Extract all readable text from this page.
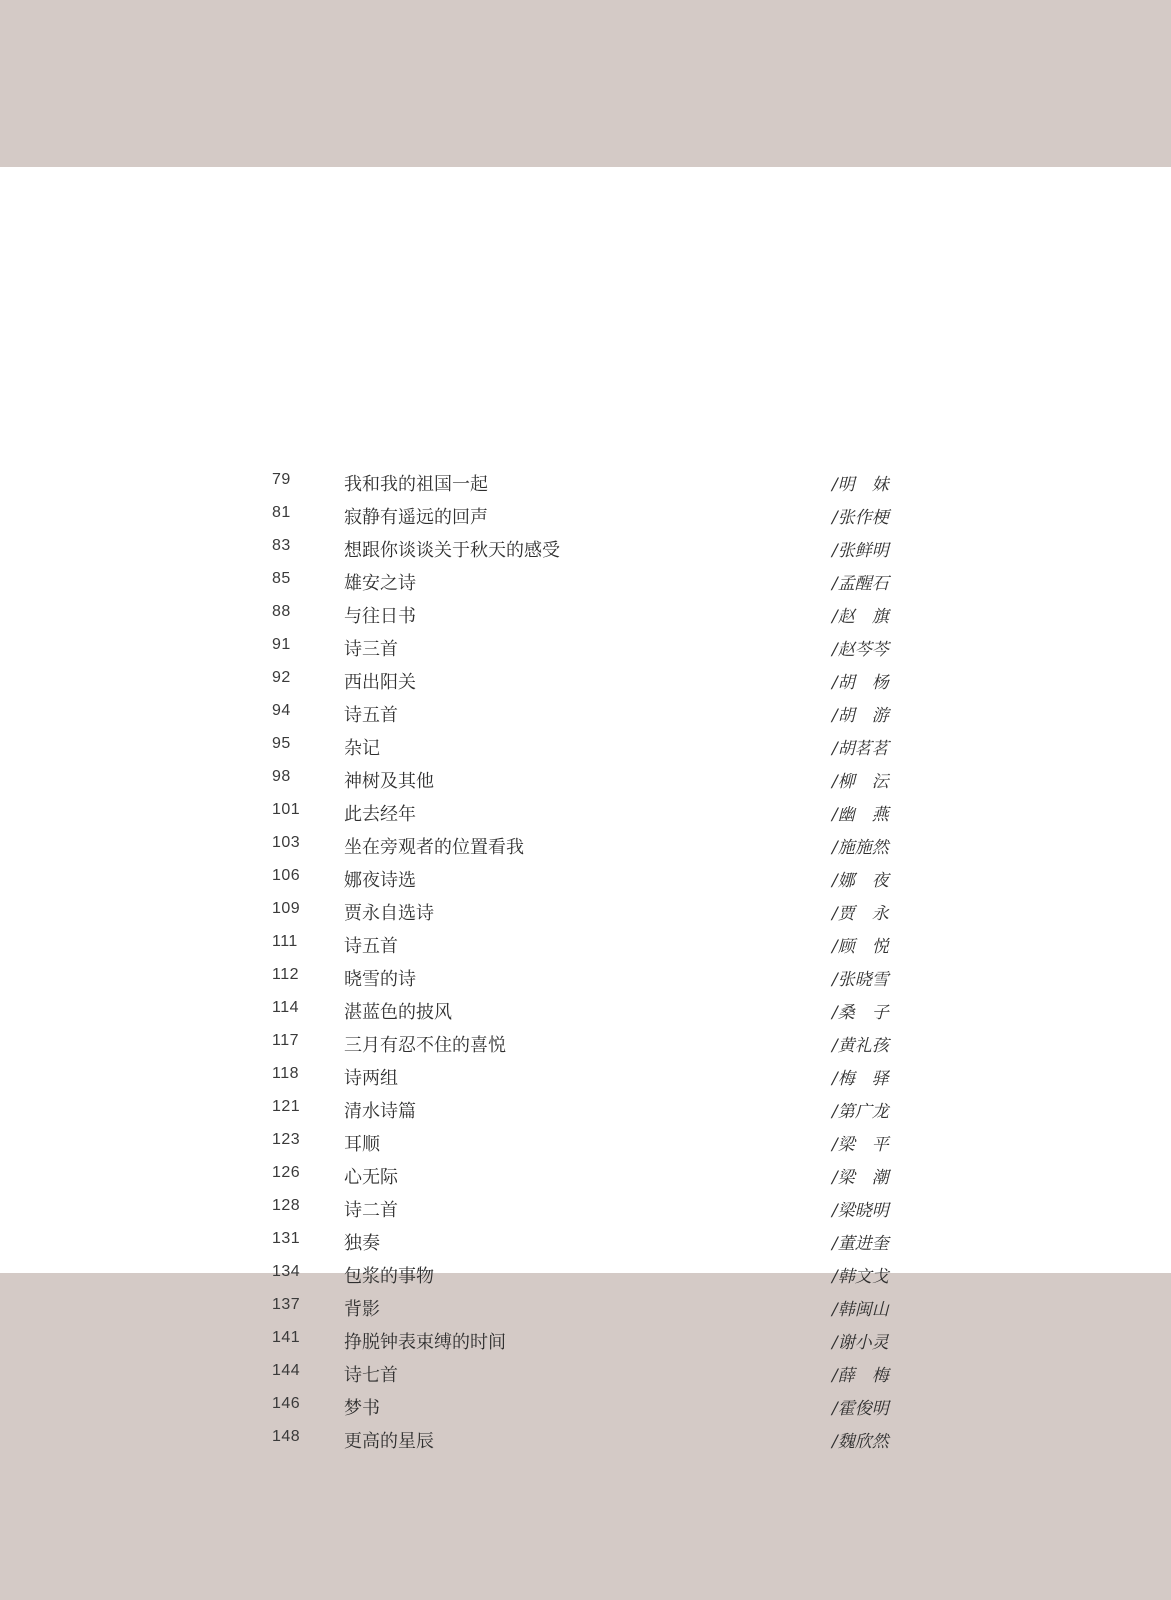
79	我和我的祖国一起	/明　妹
81	寂静有遥远的回声	/张作梗
83	想跟你谈谈关于秋天的感受	/张鲜明
85	雄安之诗	/孟醒石
88	与往日书	/赵　旗
91	诗三首	/赵芩芩
92	西出阳关	/胡　杨
94	诗五首	/胡　游
95	杂记	/胡茗茗
98	神树及其他	/柳　沄
101 此去经年	/幽　燕
103 坐在旁观者的位置看我	/施施然
106 娜夜诗选	/娜　夜
109 贾永自选诗	/贾　永
111	诗五首	/顾　悦
112 晓雪的诗	/张晓雪
114 湛蓝色的披风	/桑　子
117 三月有忍不住的喜悦	/黄礼孩
118 诗两组	/梅　驿
121 清水诗篇	/第广龙
123 耳顺	/梁　平
126 心无际	/梁　潮
128 诗二首	/梁晓明
131 独奏	/董进奎
134 包浆的事物	/韩文戈
137 背影	/韩闽山
141 挣脱钟表束缚的时间	/谢小灵
144 诗七首	/薛　梅
146 梦书	/霍俊明
148 更高的星辰	/魏欣然
